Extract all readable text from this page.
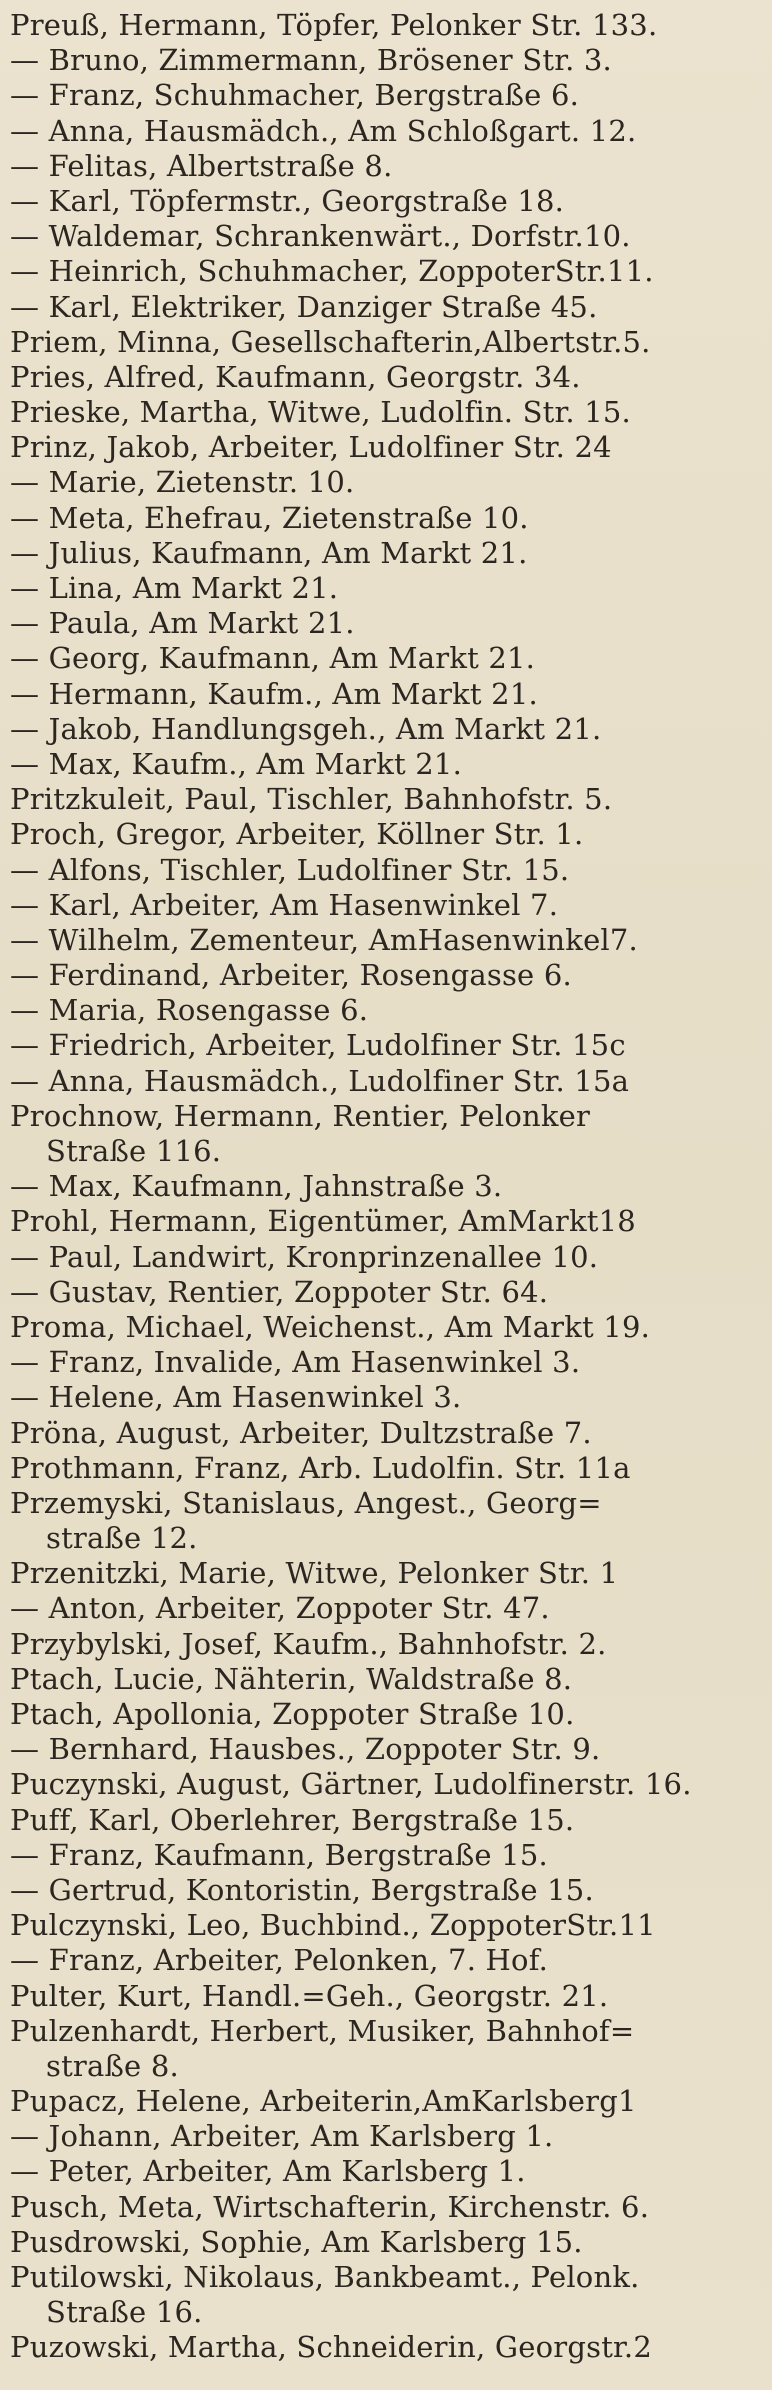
Preuß, Hermann, Töpfer, Pelonker Str. 133.
— Bruno, Zimmermann, Brösener Str. 3.
— Franz, Schuhmacher, Bergstraße 6.
— Anna, Hausmädch., Am Schloßgart. 12.
— Felitas, Albertstraße 8.
— Karl, Töpfermstr., Georgstraße 18.
— Waldemar, Schrankenwärt., Dorfstr.10.
— Heinrich, Schuhmacher, ZoppoterStr.11.
— Karl, Elektriker, Danziger Straße 45.
Priem, Minna, Gesellschafterin,Albertstr.5.
Pries, Alfred, Kaufmann, Georgstr. 34.
Prieske, Martha, Witwe, Ludolfin. Str. 15.
Prinz, Jakob, Arbeiter, Ludolfiner Str. 24
— Marie, Zietenstr. 10.
— Meta, Ehefrau, Zietenstraße 10.
— Julius, Kaufmann, Am Markt 21.
— Lina, Am Markt 21.
— Paula, Am Markt 21.
— Georg, Kaufmann, Am Markt 21.
— Hermann, Kaufm., Am Markt 21.
— Jakob, Handlungsgeh., Am Markt 21.
— Max, Kaufm., Am Markt 21.
Pritzkuleit, Paul, Tischler, Bahnhofstr. 5.
Proch, Gregor, Arbeiter, Köllner Str. 1.
— Alfons, Tischler, Ludolfiner Str. 15.
— Karl, Arbeiter, Am Hasenwinkel 7.
— Wilhelm, Zementeur, AmHasenwinkel7.
— Ferdinand, Arbeiter, Rosengasse 6.
— Maria, Rosengasse 6.
— Friedrich, Arbeiter, Ludolfiner Str. 15c
— Anna, Hausmädch., Ludolfiner Str. 15a
Prochnow, Hermann, Rentier, Pelonker
Straße 116.
— Max, Kaufmann, Jahnstraße 3.
Prohl, Hermann, Eigentümer, AmMarkt18
— Paul, Landwirt, Kronprinzenallee 10.
— Gustav, Rentier, Zoppoter Str. 64.
Proma, Michael, Weichenst., Am Markt 19.
— Franz, Invalide, Am Hasenwinkel 3.
— Helene, Am Hasenwinkel 3.
Pröna, August, Arbeiter, Dultzstraße 7.
Prothmann, Franz, Arb. Ludolfin. Str. 11a
Przemyski, Stanislaus, Angest., Georg=
straße 12.
Przenitzki, Marie, Witwe, Pelonker Str. 1
— Anton, Arbeiter, Zoppoter Str. 47.
Przybylski, Josef, Kaufm., Bahnhofstr. 2.
Ptach, Lucie, Nähterin, Waldstraße 8.
Ptach, Apollonia, Zoppoter Straße 10.
— Bernhard, Hausbes., Zoppoter Str. 9.
Puczynski, August, Gärtner, Ludolfinerstr. 16.
Puff, Karl, Oberlehrer, Bergstraße 15.
— Franz, Kaufmann, Bergstraße 15.
— Gertrud, Kontoristin, Bergstraße 15.
Pulczynski, Leo, Buchbind., ZoppoterStr.11
— Franz, Arbeiter, Pelonken, 7. Hof.
Pulter, Kurt, Handl.=Geh., Georgstr. 21.
Pulzenhardt, Herbert, Musiker, Bahnhof=
straße 8.
Pupacz, Helene, Arbeiterin,AmKarlsberg1
— Johann, Arbeiter, Am Karlsberg 1.
— Peter, Arbeiter, Am Karlsberg 1.
Pusch, Meta, Wirtschafterin, Kirchenstr. 6.
Pusdrowski, Sophie, Am Karlsberg 15.
Putilowski, Nikolaus, Bankbeamt., Pelonk.
Straße 16.
Puzowski, Martha, Schneiderin, Georgstr.2
